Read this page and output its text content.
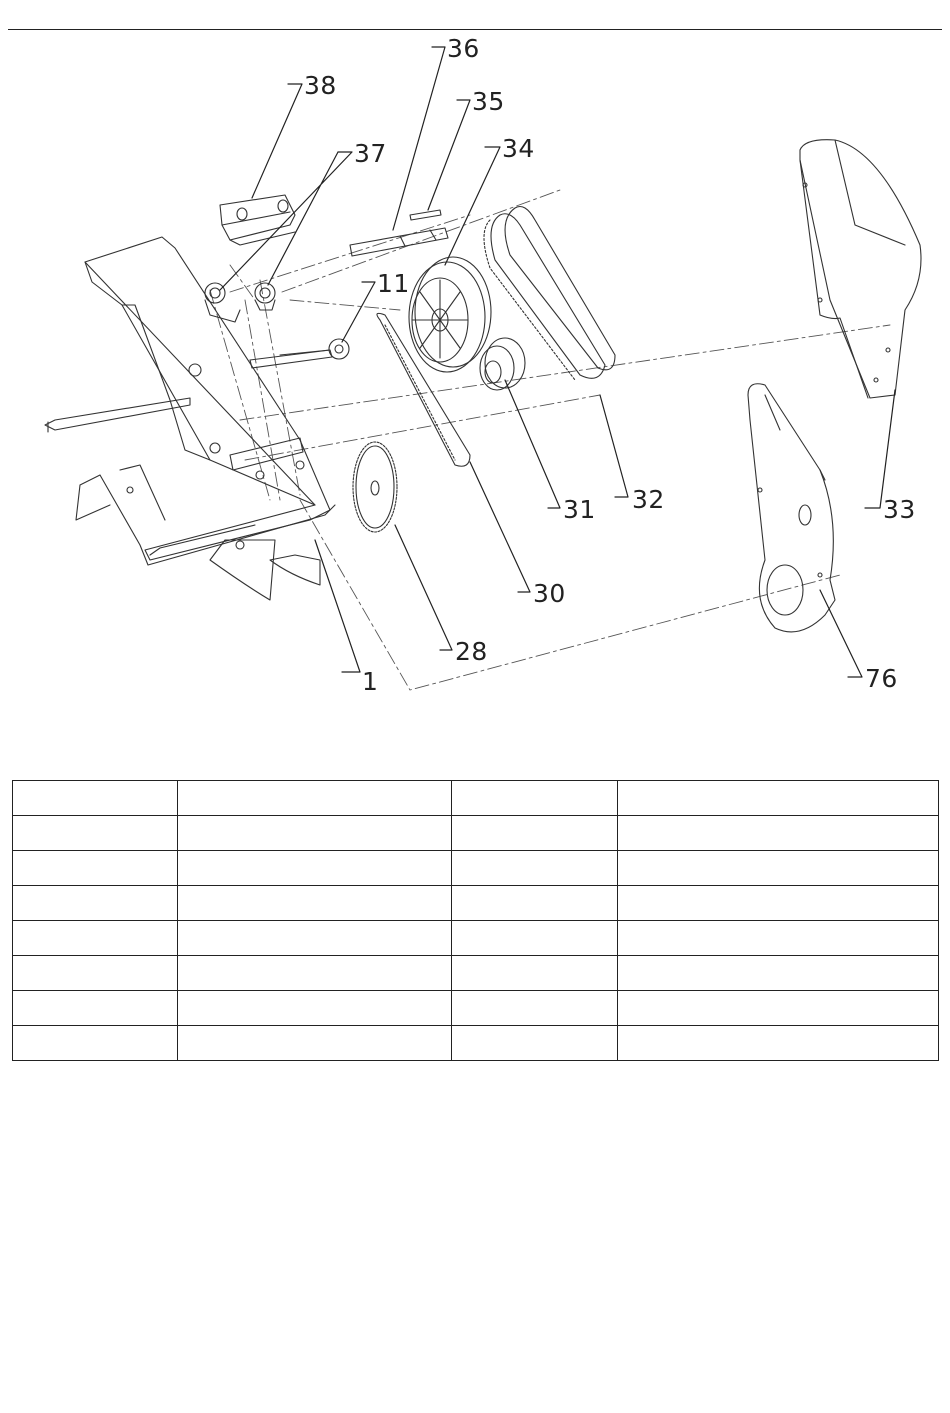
36
38
35
37	34
11
32
31	33
30
28
76
1
